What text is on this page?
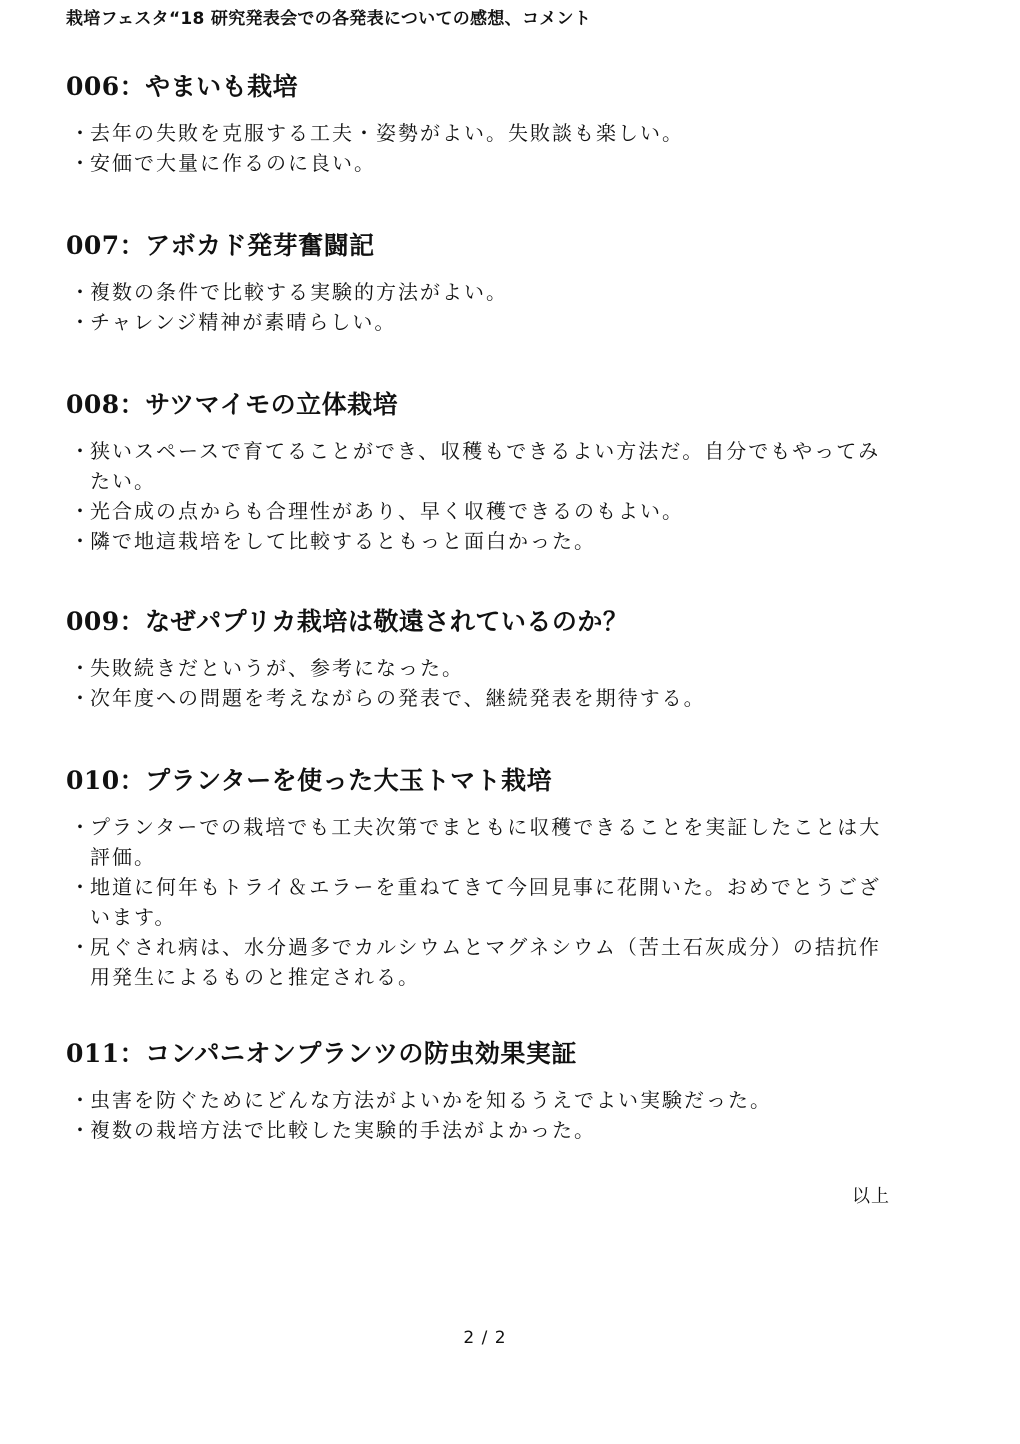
栽培フェスタ“18 研究発表会での各発表についての感想、コメント
006：やまいも栽培
・
去年の失敗を克服する工夫・姿勢がよい。失敗談も楽しい。
・
安価で大量に作るのに良い。
007：アボカド発芽奮闘記
・
複数の条件で比較する実験的方法がよい。
・
チャレンジ精神が素晴らしい。
008：サツマイモの立体栽培
・
狭いスペースで育てることができ、収穫もできるよい方法だ。自分でもやってみたい。
・
光合成の点からも合理性があり、早く収穫できるのもよい。
・
隣で地這栽培をして比較するともっと面白かった。
009：なぜパプリカ栽培は敬遠されているのか？
・
失敗続きだというが、参考になった。
・
次年度への問題を考えながらの発表で、継続発表を期待する。
010：プランターを使った大玉トマト栽培
・
プランターでの栽培でも工夫次第でまともに収穫できることを実証したことは大評価。
・
地道に何年もトライ＆エラーを重ねてきて今回見事に花開いた。おめでとうございます。
・
尻ぐされ病は、水分過多でカルシウムとマグネシウム（苦土石灰成分）の拮抗作用発生によるものと推定される。
011：コンパニオンプランツの防虫効果実証
・
虫害を防ぐためにどんな方法がよいかを知るうえでよい実験だった。
・
複数の栽培方法で比較した実験的手法がよかった。
以上
2 / 2
